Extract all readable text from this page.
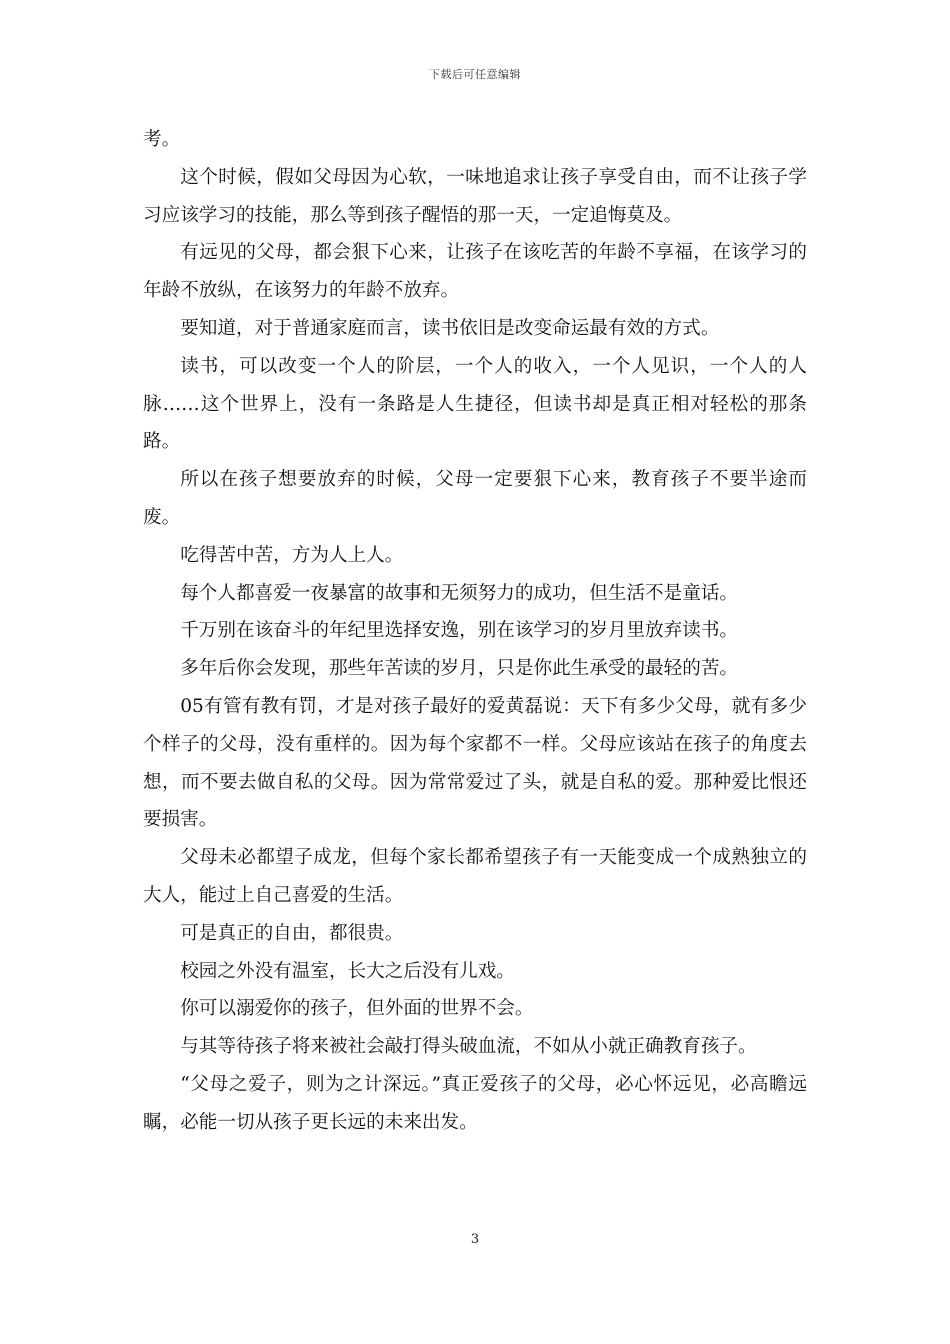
下载后可任意编辑

考。

这个时候，假如父母因为心软，一味地追求让孩子享受自由，而不让孩子学习应该学习的技能，那么等到孩子醒悟的那一天，一定追悔莫及。

有远见的父母，都会狠下心来，让孩子在该吃苦的年龄不享福，在该学习的年龄不放纵，在该努力的年龄不放弃。

要知道，对于普通家庭而言，读书依旧是改变命运最有效的方式。

读书，可以改变一个人的阶层，一个人的收入，一个人见识，一个人的人脉……这个世界上，没有一条路是人生捷径，但读书却是真正相对轻松的那条路。

所以在孩子想要放弃的时候，父母一定要狠下心来，教育孩子不要半途而废。

吃得苦中苦，方为人上人。

每个人都喜爱一夜暴富的故事和无须努力的成功，但生活不是童话。

千万别在该奋斗的年纪里选择安逸，别在该学习的岁月里放弃读书。

多年后你会发现，那些年苦读的岁月，只是你此生承受的最轻的苦。

05有管有教有罚，才是对孩子最好的爱黄磊说：天下有多少父母，就有多少个样子的父母，没有重样的。因为每个家都不一样。父母应该站在孩子的角度去想，而不要去做自私的父母。因为常常爱过了头，就是自私的爱。那种爱比恨还要损害。

父母未必都望子成龙，但每个家长都希望孩子有一天能变成一个成熟独立的大人，能过上自己喜爱的生活。

可是真正的自由，都很贵。

校园之外没有温室，长大之后没有儿戏。

你可以溺爱你的孩子，但外面的世界不会。

与其等待孩子将来被社会敲打得头破血流，不如从小就正确教育孩子。

“父母之爱子，则为之计深远。”真正爱孩子的父母，必心怀远见，必高瞻远瞩，必能一切从孩子更长远的未来出发。

3
